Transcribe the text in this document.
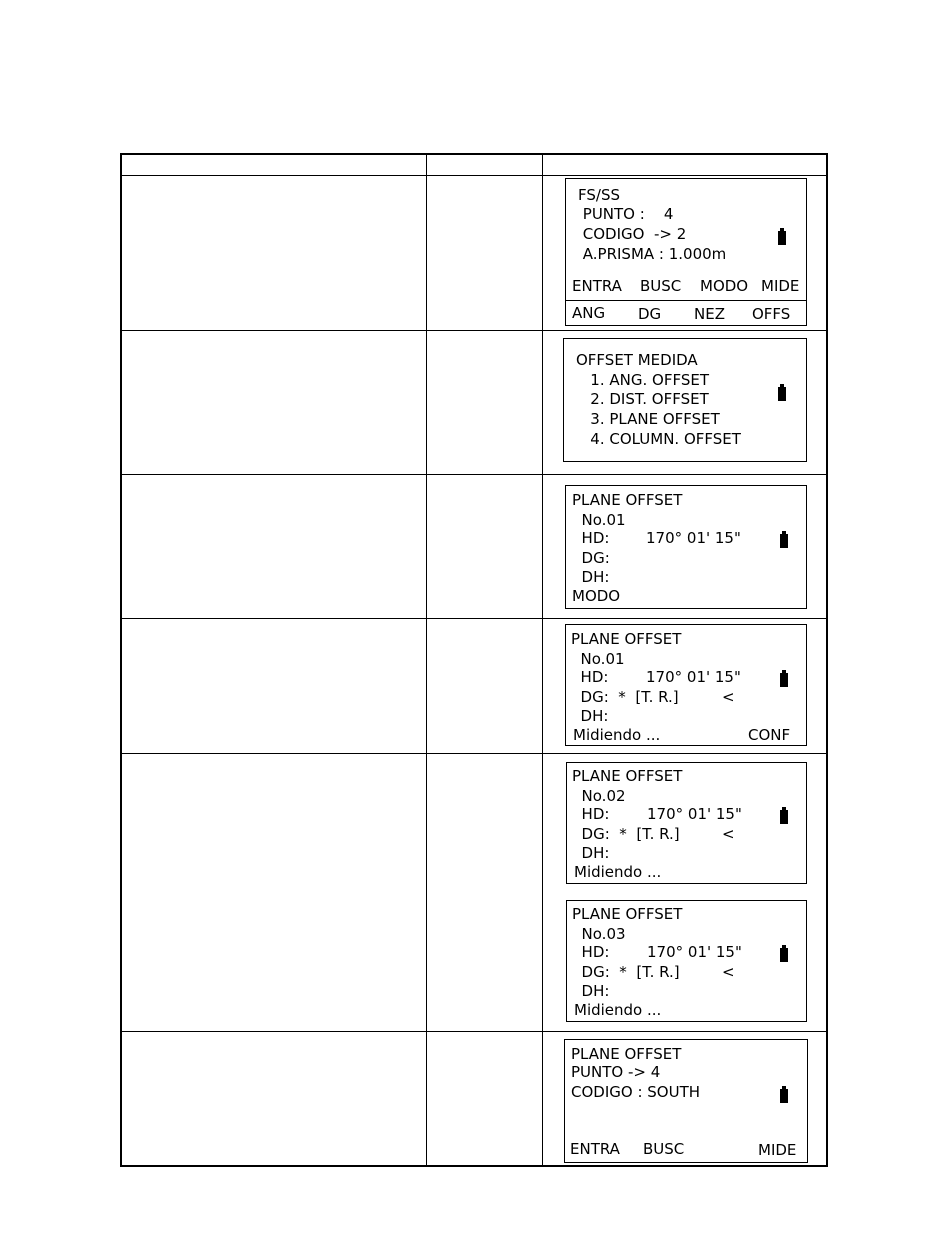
FS/SS
PUNTO :    4
CODIGO  -> 2
A.PRISMA : 1.000m
ENTRA BUSC MODO MIDE
ANG DG NEZ OFFS
OFFSET MEDIDA
1. ANG. OFFSET
2. DIST. OFFSET
3. PLANE OFFSET
4. COLUMN. OFFSET
PLANE OFFSET
No.01
HD: 170° 01' 15"
DG:
DH:
MODO
PLANE OFFSET
No.01
HD:	170° 01' 15"
DG:  *  [T. R.]	<
DH:
Midiendo ...	CONF
PLANE OFFSET
No.02
HD:	170° 01' 15"
DG:  *  [T. R.]	<
DH:
Midiendo ...
PLANE OFFSET
No.03
HD:	170° 01' 15"
DG:  *  [T. R.]	<
DH:
Midiendo ...
PLANE OFFSET
PUNTO -> 4
CODIGO : SOUTH
ENTRA BUSC	MIDE
